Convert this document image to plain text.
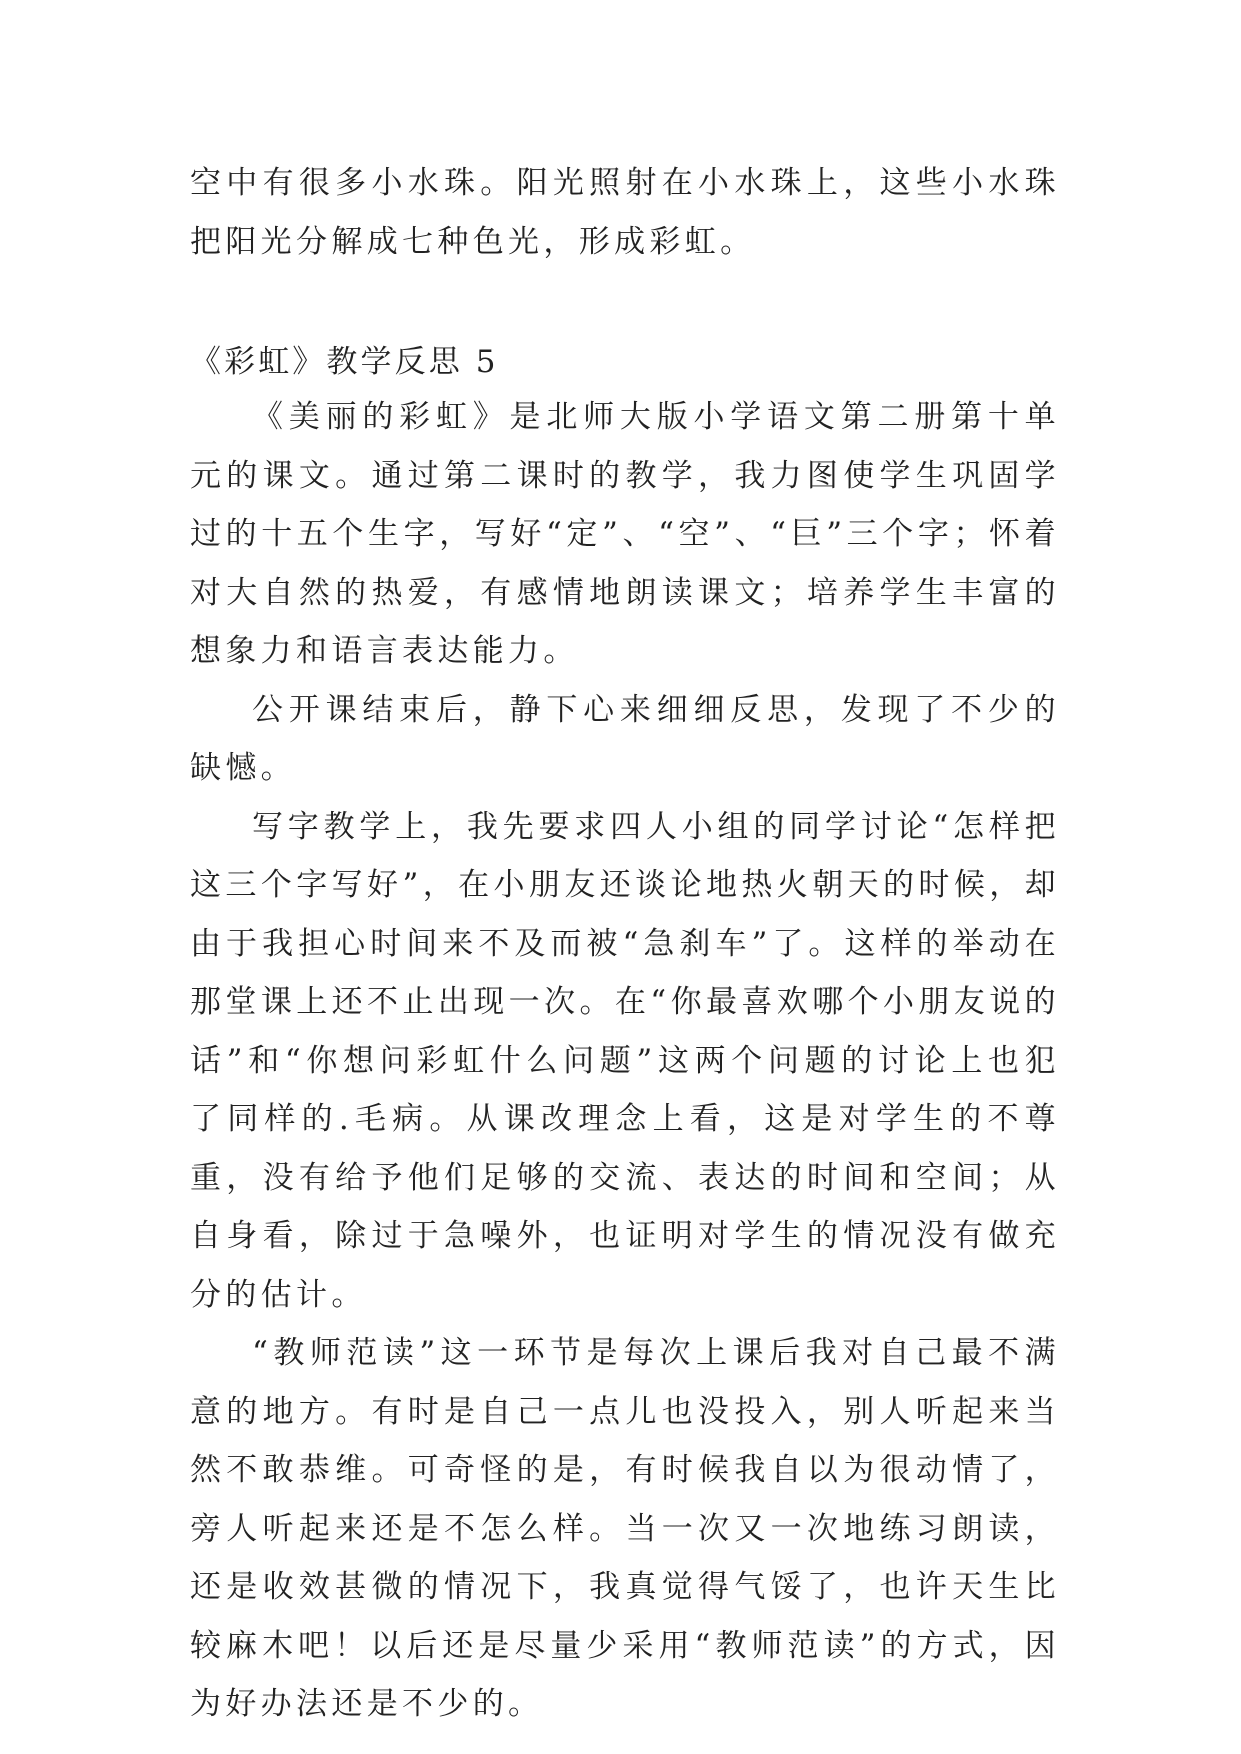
空中有很多小水珠。阳光照射在小水珠上，这些小水珠把阳光分解成七种色光，形成彩虹。

《彩虹》教学反思 5

《美丽的彩虹》是北师大版小学语文第二册第十单元的课文。通过第二课时的教学，我力图使学生巩固学过的十五个生字，写好“定”、“空”、“巨”三个字；怀着对大自然的热爱，有感情地朗读课文；培养学生丰富的想象力和语言表达能力。

公开课结束后，静下心来细细反思，发现了不少的缺憾。

写字教学上，我先要求四人小组的同学讨论“怎样把这三个字写好”，在小朋友还谈论地热火朝天的时候，却由于我担心时间来不及而被“急刹车”了。这样的举动在那堂课上还不止出现一次。在“你最喜欢哪个小朋友说的话”和“你想问彩虹什么问题”这两个问题的讨论上也犯了同样的.毛病。从课改理念上看，这是对学生的不尊重，没有给予他们足够的交流、表达的时间和空间；从自身看，除过于急噪外，也证明对学生的情况没有做充分的估计。

“教师范读”这一环节是每次上课后我对自己最不满意的地方。有时是自己一点儿也没投入，别人听起来当然不敢恭维。可奇怪的是，有时候我自以为很动情了，旁人听起来还是不怎么样。当一次又一次地练习朗读，还是收效甚微的情况下，我真觉得气馁了，也许天生比较麻木吧！以后还是尽量少采用“教师范读”的方式，因为好办法还是不少的。
